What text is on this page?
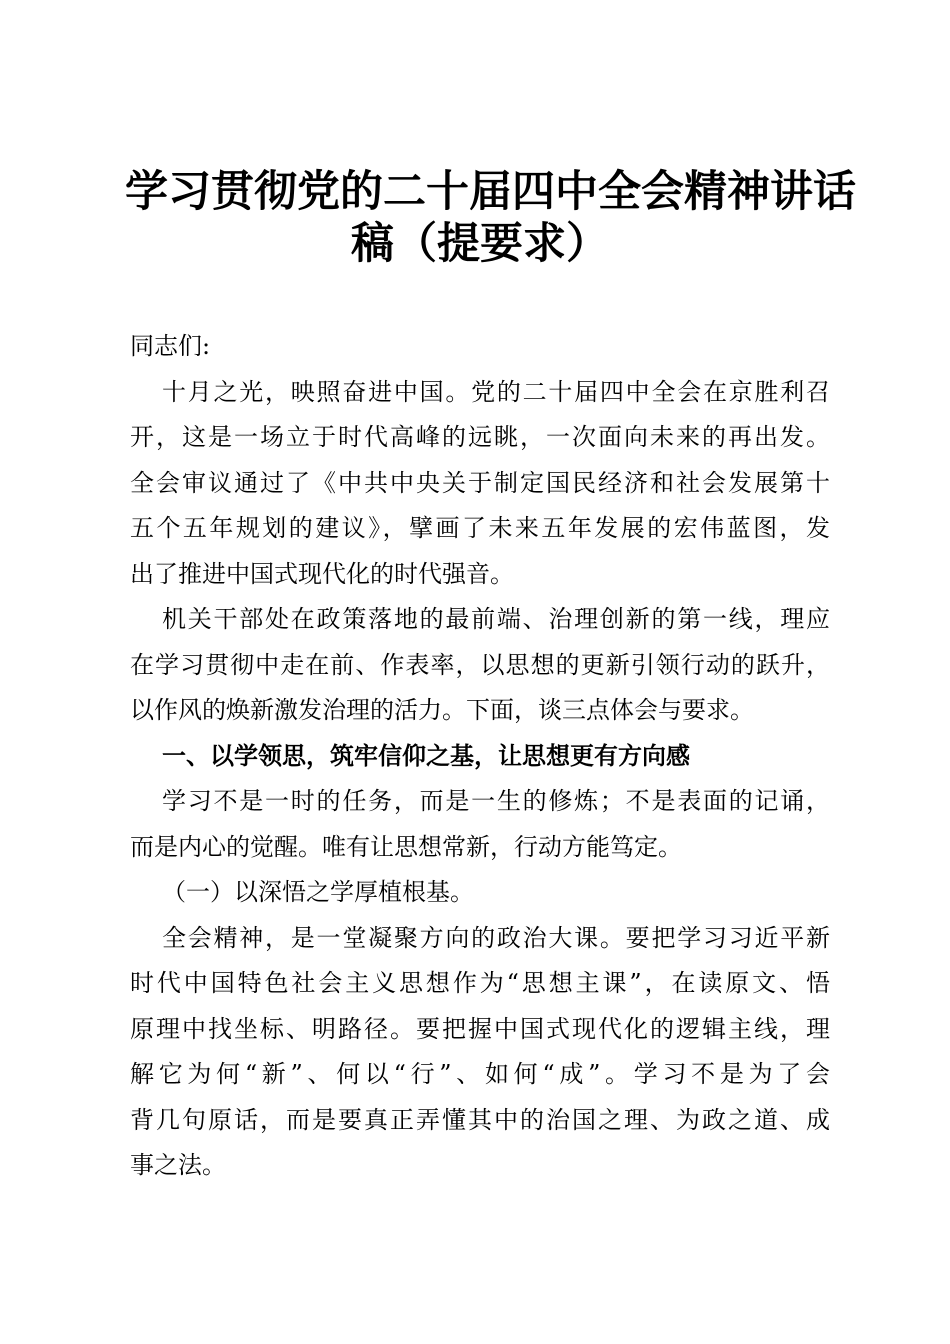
学习贯彻党的二十届四中全会精神讲话
稿（提要求）
同志们:
十月之光，映照奋进中国。党的二十届四中全会在京胜利召
开，这是一场立于时代高峰的远眺，一次面向未来的再出发。
全会审议通过了《中共中央关于制定国民经济和社会发展第十
五个五年规划的建议》，擘画了未来五年发展的宏伟蓝图，发
出了推进中国式现代化的时代强音。
机关干部处在政策落地的最前端、治理创新的第一线，理应
在学习贯彻中走在前、作表率，以思想的更新引领行动的跃升，
以作风的焕新激发治理的活力。下面，谈三点体会与要求。
一、以学领思，筑牢信仰之基，让思想更有方向感
学习不是一时的任务，而是一生的修炼；不是表面的记诵，
而是内心的觉醒。唯有让思想常新，行动方能笃定。
（一）以深悟之学厚植根基。
全会精神，是一堂凝聚方向的政治大课。要把学习习近平新
时代中国特色社会主义思想作为“思想主课”，在读原文、悟
原理中找坐标、明路径。要把握中国式现代化的逻辑主线，理
解它为何“新”、何以“行”、如何“成”。学习不是为了会
背几句原话，而是要真正弄懂其中的治国之理、为政之道、成
事之法。
